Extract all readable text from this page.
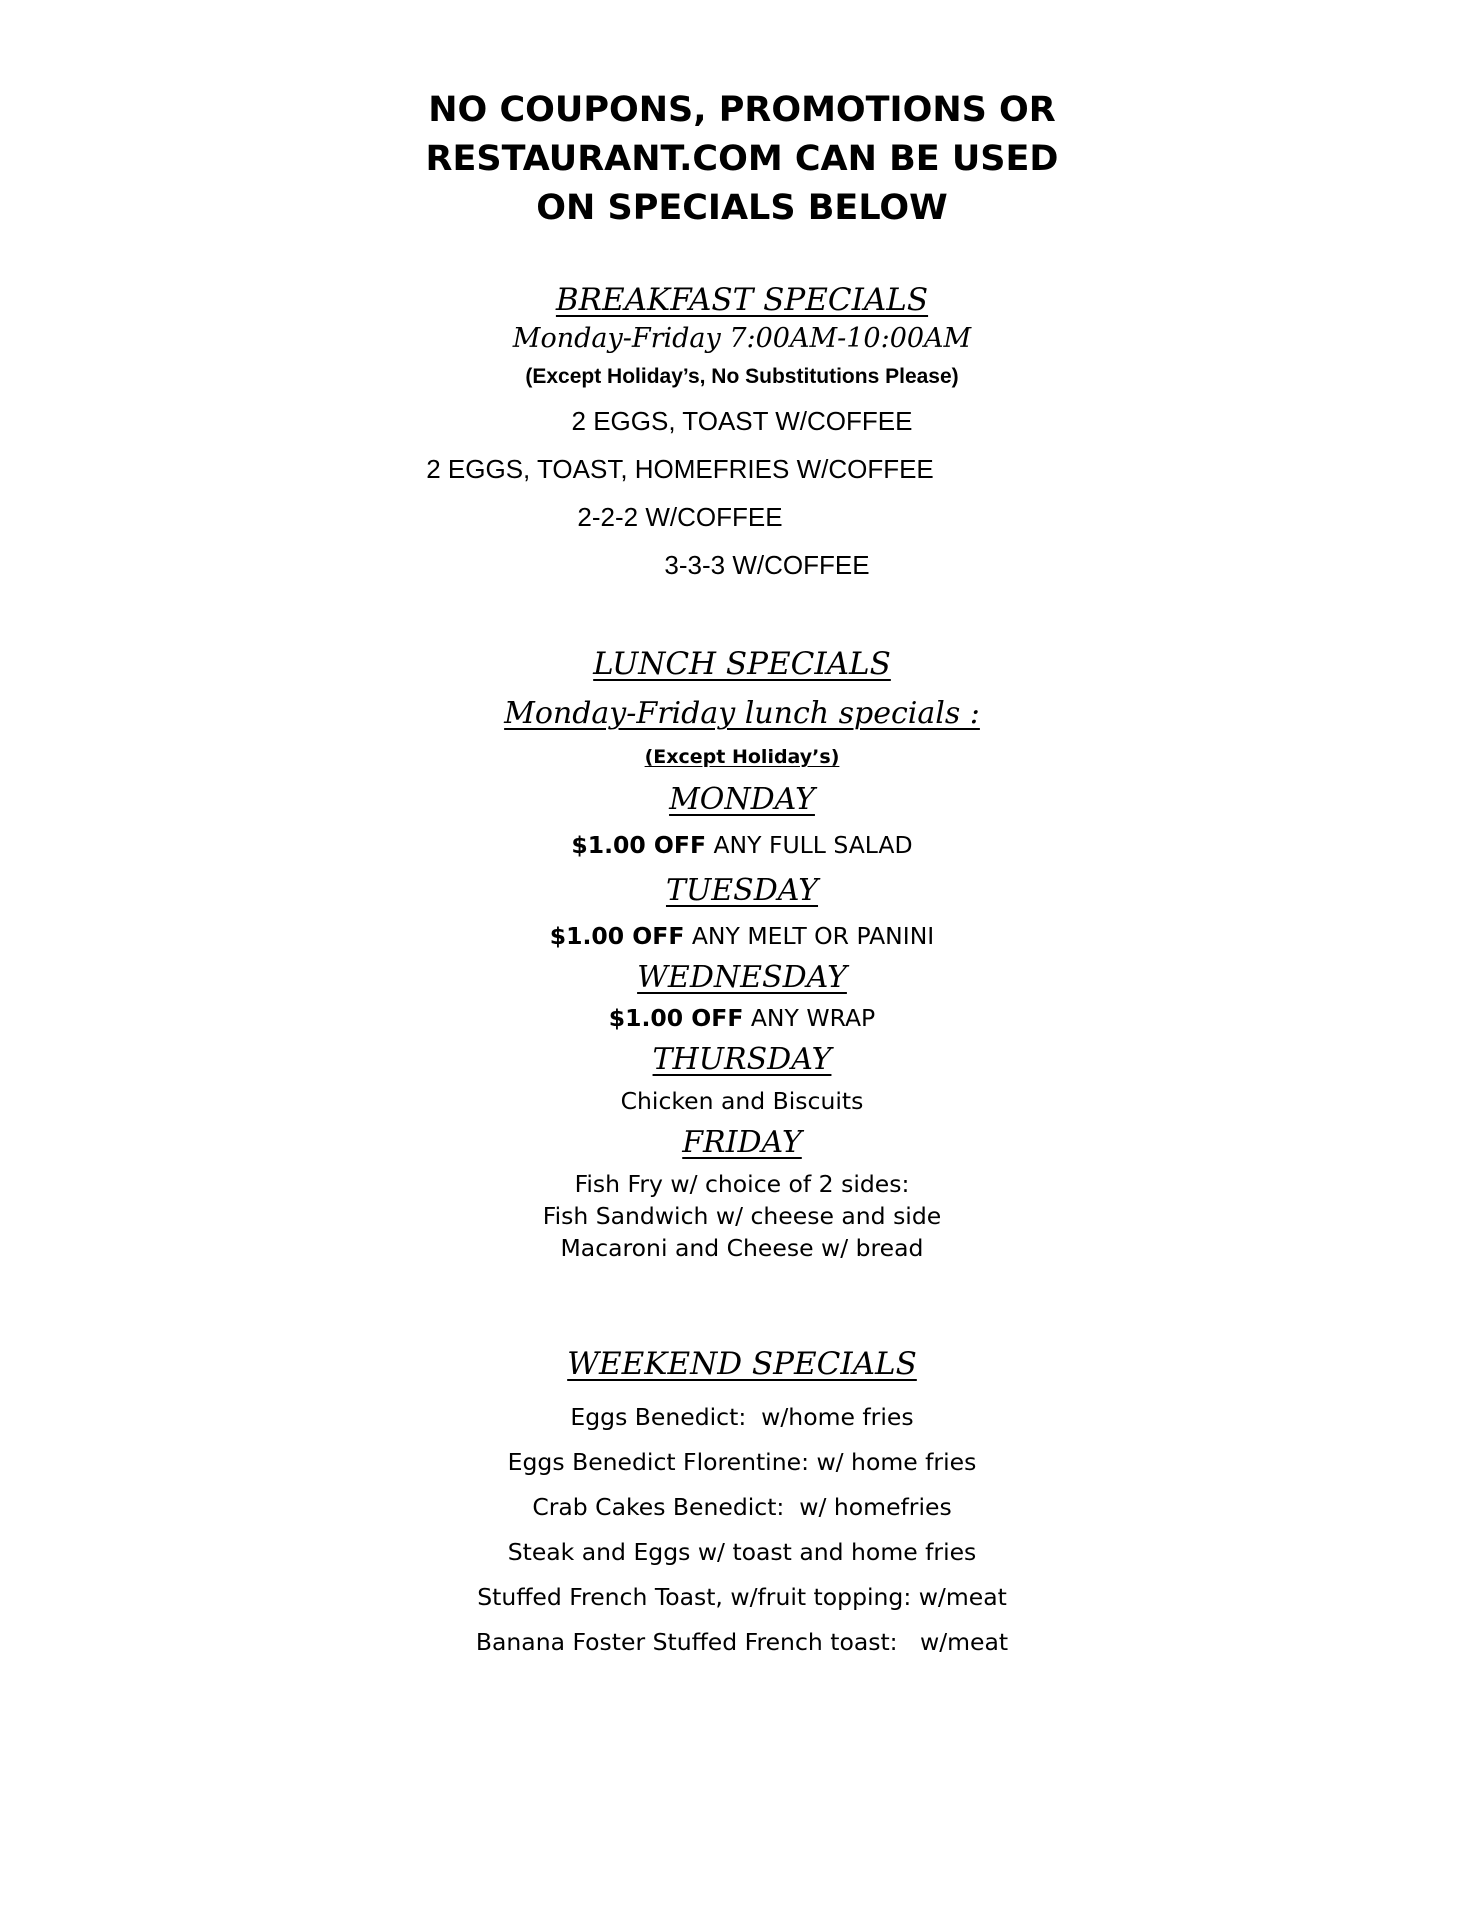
NO COUPONS, PROMOTIONS OR
RESTAURANT.COM CAN BE USED
ON SPECIALS BELOW
BREAKFAST SPECIALS
Monday-Friday 7:00AM-10:00AM
(Except Holiday’s, No Substitutions Please)
2 EGGS, TOAST W/COFFEE
2 EGGS, TOAST, HOMEFRIES W/COFFEE
2-2-2 W/COFFEE
3-3-3 W/COFFEE
LUNCH SPECIALS
Monday-Friday lunch specials :
(Except Holiday’s)
MONDAY
$1.00 OFF ANY FULL SALAD
TUESDAY
$1.00 OFF ANY MELT OR PANINI
WEDNESDAY
$1.00 OFF ANY WRAP
THURSDAY
Chicken and Biscuits
FRIDAY
Fish Fry w/ choice of 2 sides:
Fish Sandwich w/ cheese and side
Macaroni and Cheese w/ bread
WEEKEND SPECIALS
Eggs Benedict:  w/home fries
Eggs Benedict Florentine: w/ home fries
Crab Cakes Benedict:  w/ homefries
Steak and Eggs w/ toast and home fries
Stuffed French Toast, w/fruit topping: w/meat
Banana Foster Stuffed French toast:   w/meat
